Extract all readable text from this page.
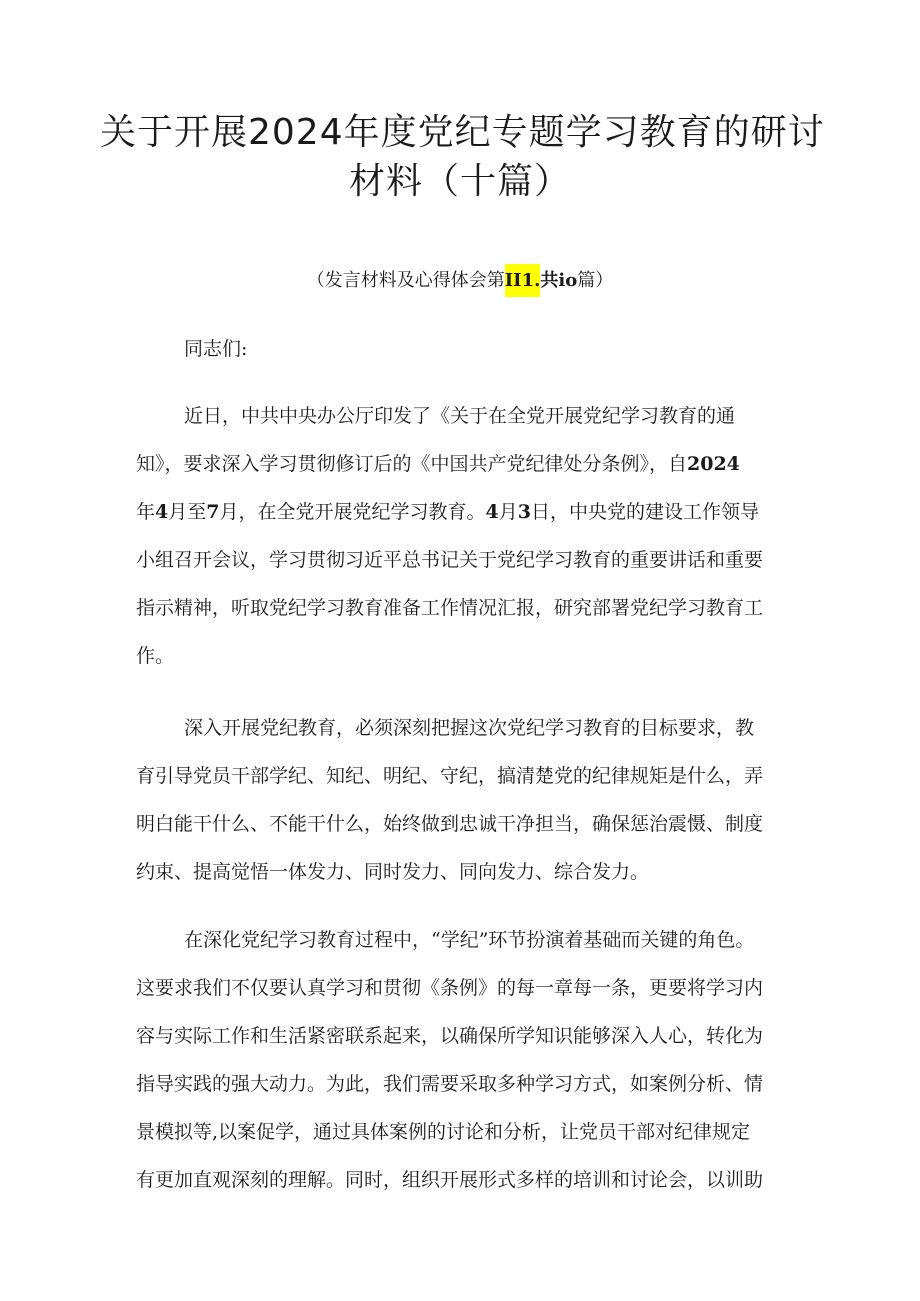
关于开展2024年度党纪专题学习教育的研讨
材料（十篇）
（发言材料及心得体会第II1.共io篇）
同志们:
近日，中共中央办公厅印发了《关于在全党开展党纪学习教育的通
知》，要求深入学习贯彻修订后的《中国共产党纪律处分条例》，自2024
年4月至7月，在全党开展党纪学习教育。4月3日，中央党的建设工作领导
小组召开会议，学习贯彻习近平总书记关于党纪学习教育的重要讲话和重要
指示精神，听取党纪学习教育准备工作情况汇报，研究部署党纪学习教育工
作。
深入开展党纪教育，必须深刻把握这次党纪学习教育的目标要求，教
育引导党员干部学纪、知纪、明纪、守纪，搞清楚党的纪律规矩是什么，弄
明白能干什么、不能干什么，始终做到忠诚干净担当，确保惩治震慑、制度
约束、提高觉悟一体发力、同时发力、同向发力、综合发力。
在深化党纪学习教育过程中，“学纪”环节扮演着基础而关键的角色。
这要求我们不仅要认真学习和贯彻《条例》的每一章每一条，更要将学习内
容与实际工作和生活紧密联系起来，以确保所学知识能够深入人心，转化为
指导实践的强大动力。为此，我们需要采取多种学习方式，如案例分析、情
景模拟等,以案促学，通过具体案例的讨论和分析，让党员干部对纪律规定
有更加直观深刻的理解。同时，组织开展形式多样的培训和讨论会，以训助
